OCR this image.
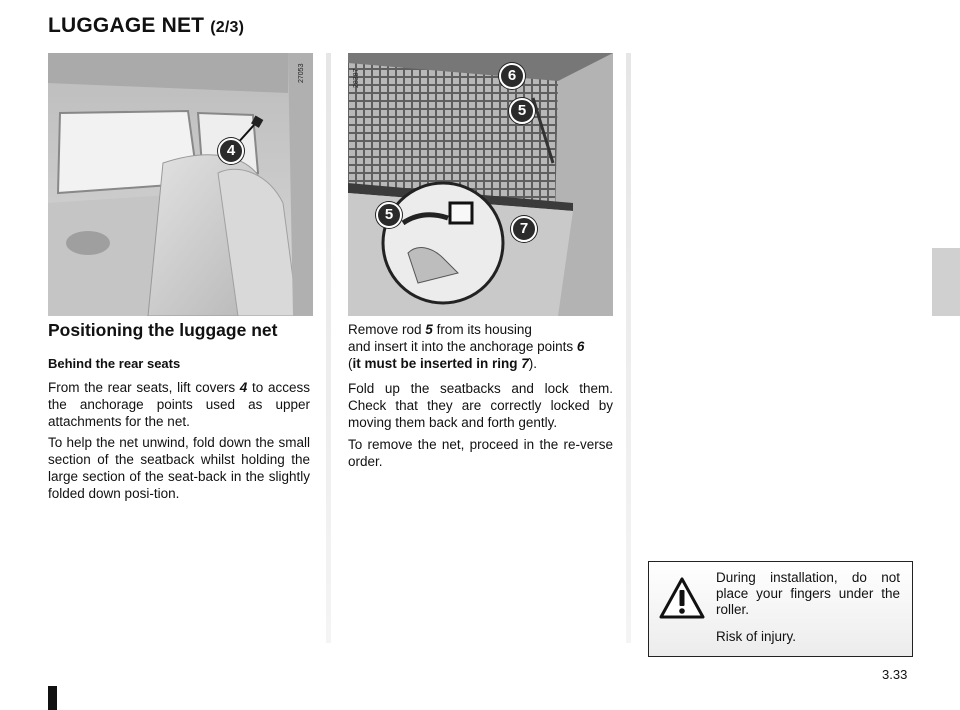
LUGGAGE NET (2/3)
27053
4
28387	6
5
5
7
Positioning the luggage net
Behind the rear seats
From the rear seats, lift covers 4 to access the anchorage points used as upper attachments for the net.
To help the net unwind, fold down the small section of the seatback whilst holding the large section of the seat-back in the slightly folded down posi-tion.
Remove rod 5 from its housing
and insert it into the anchorage points 6
(it must be inserted in ring 7).
Fold up the seatbacks and lock them. Check that they are correctly locked by moving them back and forth gently.
To remove the net, proceed in the re-verse order.
During installation, do not place your fingers under the roller.
Risk of injury.
3.33
